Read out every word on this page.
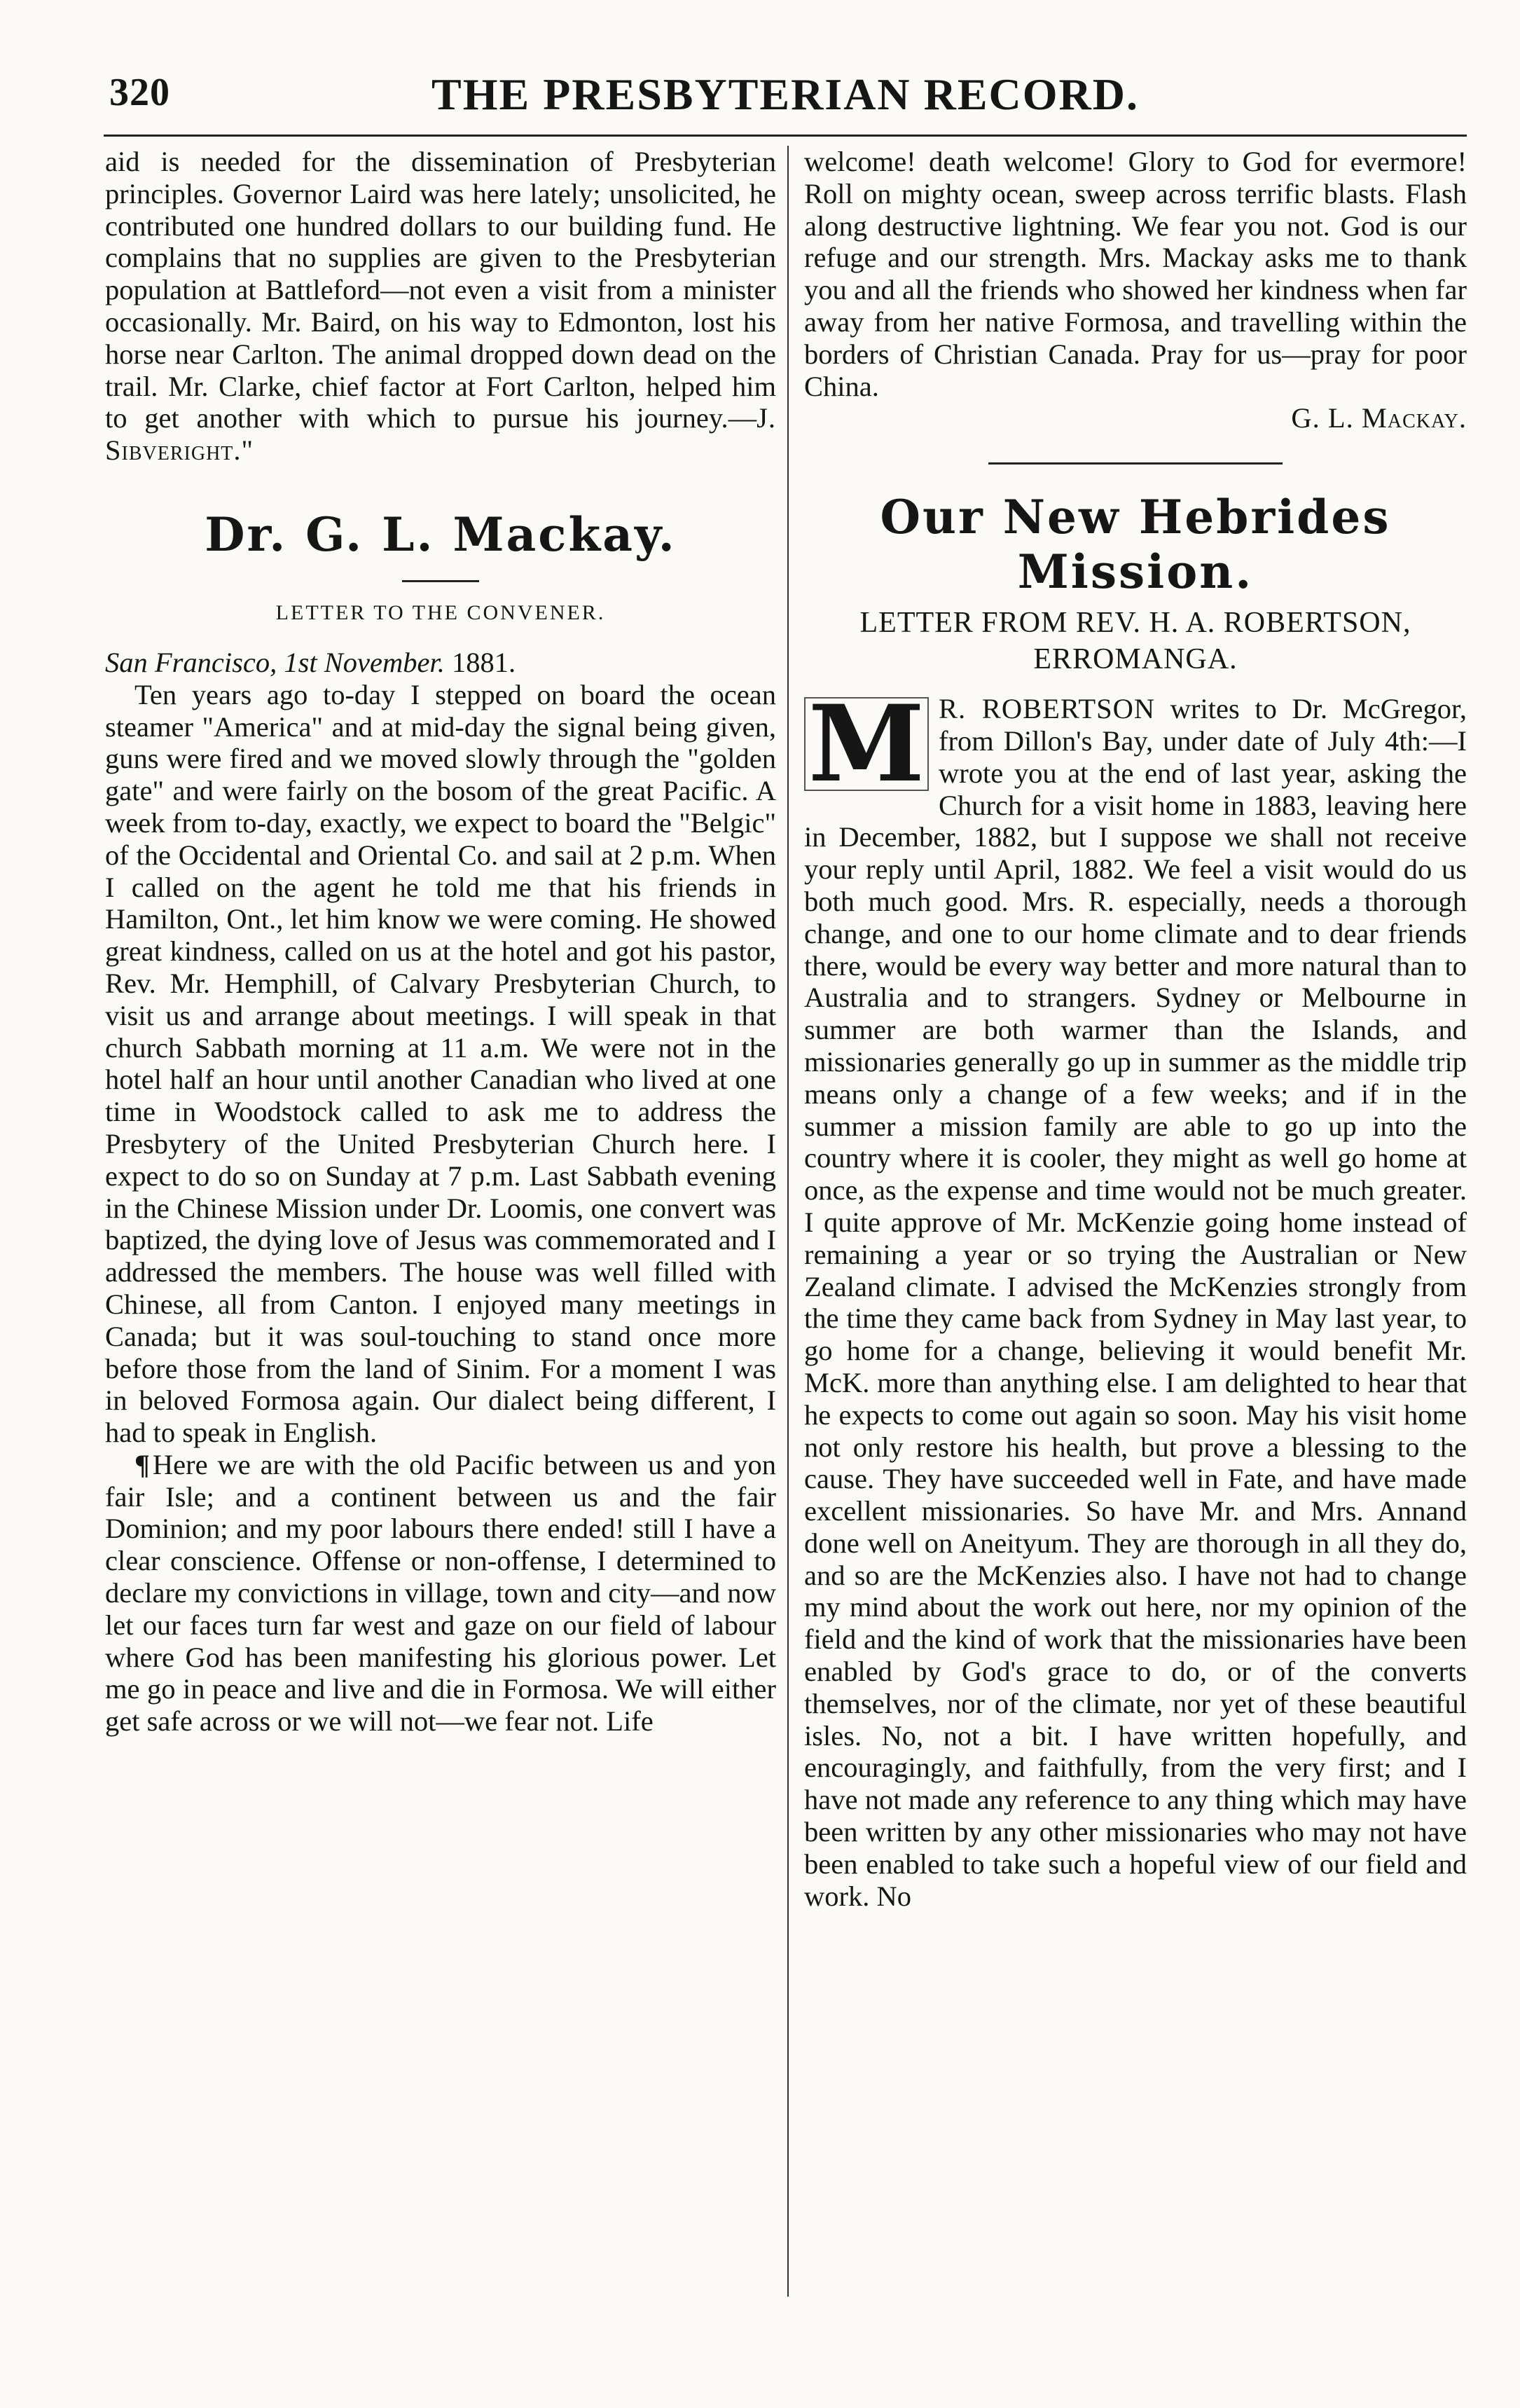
320	THE PRESBYTERIAN RECORD.

aid is needed for the dissemination of Presbyterian principles. Governor Laird was here lately; unsolicited, he contributed one hundred dollars to our building fund. He complains that no supplies are given to the Presbyterian population at Battleford—not even a visit from a minister occasionally. Mr. Baird, on his way to Edmonton, lost his horse near Carlton. The animal dropped down dead on the trail. Mr. Clarke, chief factor at Fort Carlton, helped him to get another with which to pursue his journey.—J. Sibveright."

Dr. G. L. Mackay.
LETTER TO THE CONVENER.

San Francisco, 1st November. 1881.

Ten years ago to-day I stepped on board the ocean steamer "America" and at mid-day the signal being given, guns were fired and we moved slowly through the "golden gate" and were fairly on the bosom of the great Pacific. A week from to-day, exactly, we expect to board the "Belgic" of the Occidental and Oriental Co. and sail at 2 p.m. When I called on the agent he told me that his friends in Hamilton, Ont., let him know we were coming. He showed great kindness, called on us at the hotel and got his pastor, Rev. Mr. Hemphill, of Calvary Presbyterian Church, to visit us and arrange about meetings. I will speak in that church Sabbath morning at 11 a.m. We were not in the hotel half an hour until another Canadian who lived at one time in Woodstock called to ask me to address the Presbytery of the United Presbyterian Church here. I expect to do so on Sunday at 7 p.m. Last Sabbath evening in the Chinese Mission under Dr. Loomis, one convert was baptized, the dying love of Jesus was commemorated and I addressed the members. The house was well filled with Chinese, all from Canton. I enjoyed many meetings in Canada; but it was soul-touching to stand once more before those from the land of Sinim. For a moment I was in beloved Formosa again. Our dialect being different, I had to speak in English.

¶Here we are with the old Pacific between us and yon fair Isle; and a continent between us and the fair Dominion; and my poor labours there ended! still I have a clear conscience. Offense or non-offense, I determined to declare my convictions in village, town and city—and now let our faces turn far west and gaze on our field of labour where God has been manifesting his glorious power. Let me go in peace and live and die in Formosa. We will either get safe across or we will not—we fear not. Life

welcome! death welcome! Glory to God for evermore! Roll on mighty ocean, sweep across terrific blasts. Flash along destructive lightning. We fear you not. God is our refuge and our strength. Mrs. Mackay asks me to thank you and all the friends who showed her kindness when far away from her native Formosa, and travelling within the borders of Christian Canada. Pray for us—pray for poor China.

G. L. Mackay.

Our New Hebrides Mission.
LETTER FROM REV. H. A. ROBERTSON,
ERROMANGA.

M R. ROBERTSON writes to Dr. McGregor, from Dillon's Bay, under date of July 4th:—I wrote you at the end of last year, asking the Church for a visit home in 1883, leaving here in December, 1882, but I suppose we shall not receive your reply until April, 1882. We feel a visit would do us both much good. Mrs. R. especially, needs a thorough change, and one to our home climate and to dear friends there, would be every way better and more natural than to Australia and to strangers. Sydney or Melbourne in summer are both warmer than the Islands, and missionaries generally go up in summer as the middle trip means only a change of a few weeks; and if in the summer a mission family are able to go up into the country where it is cooler, they might as well go home at once, as the expense and time would not be much greater. I quite approve of Mr. McKenzie going home instead of remaining a year or so trying the Australian or New Zealand climate. I advised the McKenzies strongly from the time they came back from Sydney in May last year, to go home for a change, believing it would benefit Mr. McK. more than anything else. I am delighted to hear that he expects to come out again so soon. May his visit home not only restore his health, but prove a blessing to the cause. They have succeeded well in Fate, and have made excellent missionaries. So have Mr. and Mrs. Annand done well on Aneityum. They are thorough in all they do, and so are the McKenzies also. I have not had to change my mind about the work out here, nor my opinion of the field and the kind of work that the missionaries have been enabled by God's grace to do, or of the converts themselves, nor of the climate, nor yet of these beautiful isles. No, not a bit. I have written hopefully, and encouragingly, and faithfully, from the very first; and I have not made any reference to any thing which may have been written by any other missionaries who may not have been enabled to take such a hopeful view of our field and work. No
